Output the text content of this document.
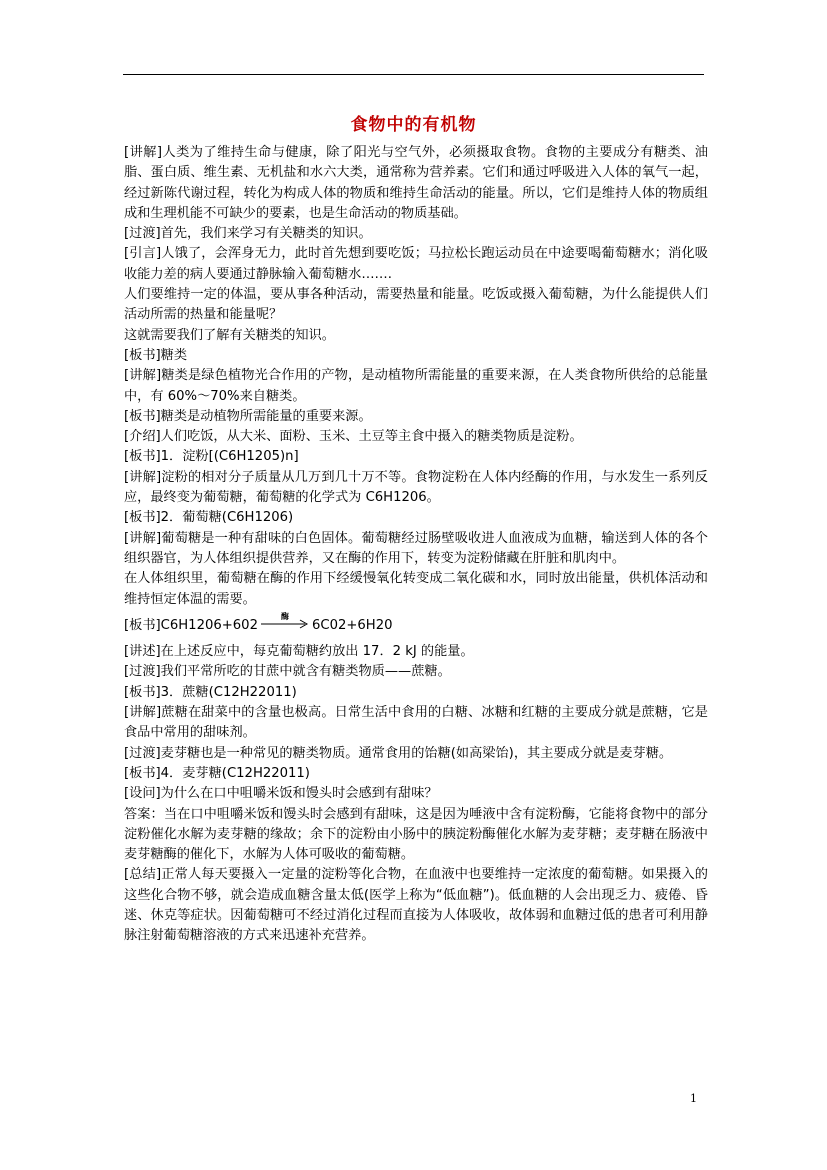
食物中的有机物

[讲解]人类为了维持生命与健康，除了阳光与空气外，必须摄取食物。食物的主要成分有糖类、油脂、蛋白质、维生素、无机盐和水六大类，通常称为营养素。它们和通过呼吸进入人体的氧气一起，经过新陈代谢过程，转化为构成人体的物质和维持生命活动的能量。所以，它们是维持人体的物质组成和生理机能不可缺少的要素，也是生命活动的物质基础。

[过渡]首先，我们来学习有关糖类的知识。

[引言]人饿了，会浑身无力，此时首先想到要吃饭；马拉松长跑运动员在中途要喝葡萄糖水；消化吸收能力差的病人要通过静脉输入葡萄糖水…….

人们要维持一定的体温，要从事各种活动，需要热量和能量。吃饭或摄入葡萄糖，为什么能提供人们活动所需的热量和能量呢？

这就需要我们了解有关糖类的知识。

[板书]糖类

[讲解]糖类是绿色植物光合作用的产物，是动植物所需能量的重要来源，在人类食物所供给的总能量中，有 60%～70%来自糖类。

[板书]糖类是动植物所需能量的重要来源。

[介绍]人们吃饭，从大米、面粉、玉米、土豆等主食中摄入的糖类物质是淀粉。

[板书]1．淀粉[(C6H1205)n]

[讲解]淀粉的相对分子质量从几万到几十万不等。食物淀粉在人体内经酶的作用，与水发生一系列反应，最终变为葡萄糖，葡萄糖的化学式为 C6H1206。

[板书]2．葡萄糖(C6H1206)

[讲解]葡萄糖是一种有甜味的白色固体。葡萄糖经过肠壁吸收进人血液成为血糖，输送到人体的各个组织器官，为人体组织提供营养，又在酶的作用下，转变为淀粉储藏在肝脏和肌肉中。

在人体组织里，葡萄糖在酶的作用下经缓慢氧化转变成二氧化碳和水，同时放出能量，供机体活动和维持恒定体温的需要。

[板书]C6H1206+602
酶
6C02+6H20

[讲述]在上述反应中，每克葡萄糖约放出 17．2 kJ 的能量。

[过渡]我们平常所吃的甘蔗中就含有糖类物质——蔗糖。

[板书]3．蔗糖(C12H22011)

[讲解]蔗糖在甜菜中的含量也极高。日常生活中食用的白糖、冰糖和红糖的主要成分就是蔗糖，它是食品中常用的甜味剂。

[过渡]麦芽糖也是一种常见的糖类物质。通常食用的饴糖(如高梁饴)，其主要成分就是麦芽糖。

[板书]4．麦芽糖(C12H22011)

[设问]为什么在口中咀嚼米饭和馒头时会感到有甜味？

答案：当在口中咀嚼米饭和馒头时会感到有甜味，这是因为唾液中含有淀粉酶，它能将食物中的部分淀粉催化水解为麦芽糖的缘故；余下的淀粉由小肠中的胰淀粉酶催化水解为麦芽糖；麦芽糖在肠液中麦芽糖酶的催化下，水解为人体可吸收的葡萄糖。

[总结]正常人每天要摄入一定量的淀粉等化合物，在血液中也要维持一定浓度的葡萄糖。如果摄入的这些化合物不够，就会造成血糖含量太低(医学上称为“低血糖”)。低血糖的人会出现乏力、疲倦、昏迷、休克等症状。因葡萄糖可不经过消化过程而直接为人体吸收，故体弱和血糖过低的患者可利用静脉注射葡萄糖溶液的方式来迅速补充营养。

1
